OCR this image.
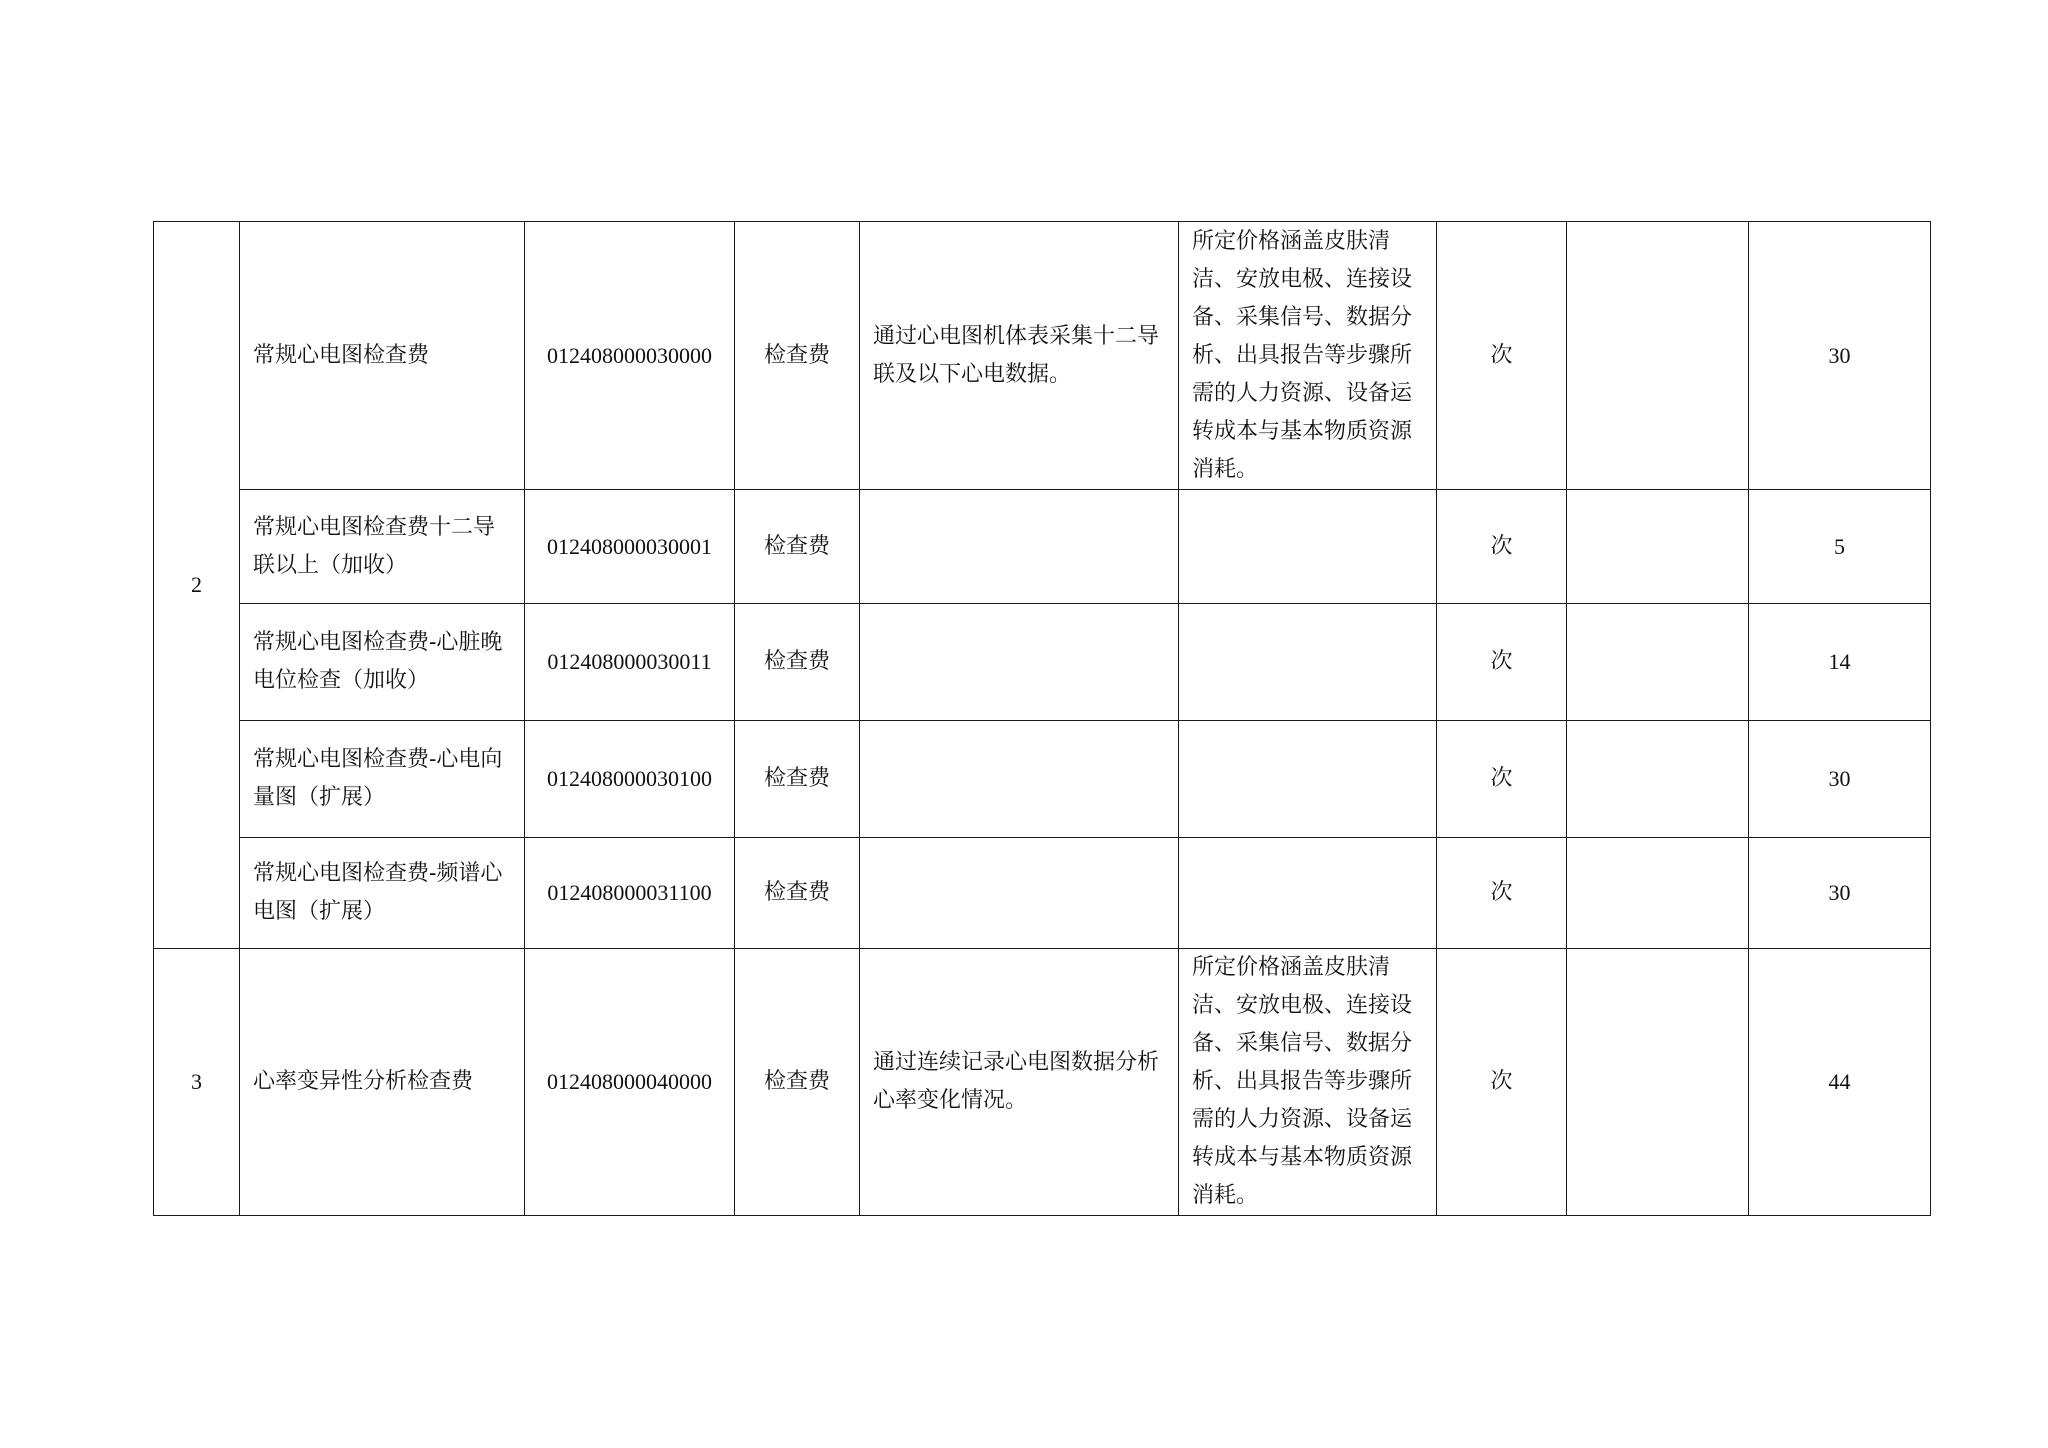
2	常规心电图检查费	012408000030000	检查费	通过心电图机体表采集十二导联及以下心电数据。	所定价格涵盖皮肤清洁、安放电极、连接设备、采集信号、数据分析、出具报告等步骤所需的人力资源、设备运转成本与基本物质资源消耗。	次		30
	常规心电图检查费十二导联以上（加收）	012408000030001	检查费			次		5
	常规心电图检查费-心脏晚电位检查（加收）	012408000030011	检查费			次		14
	常规心电图检查费-心电向量图（扩展）	012408000030100	检查费			次		30
	常规心电图检查费-频谱心电图（扩展）	012408000031100	检查费			次		30
3	心率变异性分析检查费	012408000040000	检查费	通过连续记录心电图数据分析心率变化情况。	所定价格涵盖皮肤清洁、安放电极、连接设备、采集信号、数据分析、出具报告等步骤所需的人力资源、设备运转成本与基本物质资源消耗。	次		44
